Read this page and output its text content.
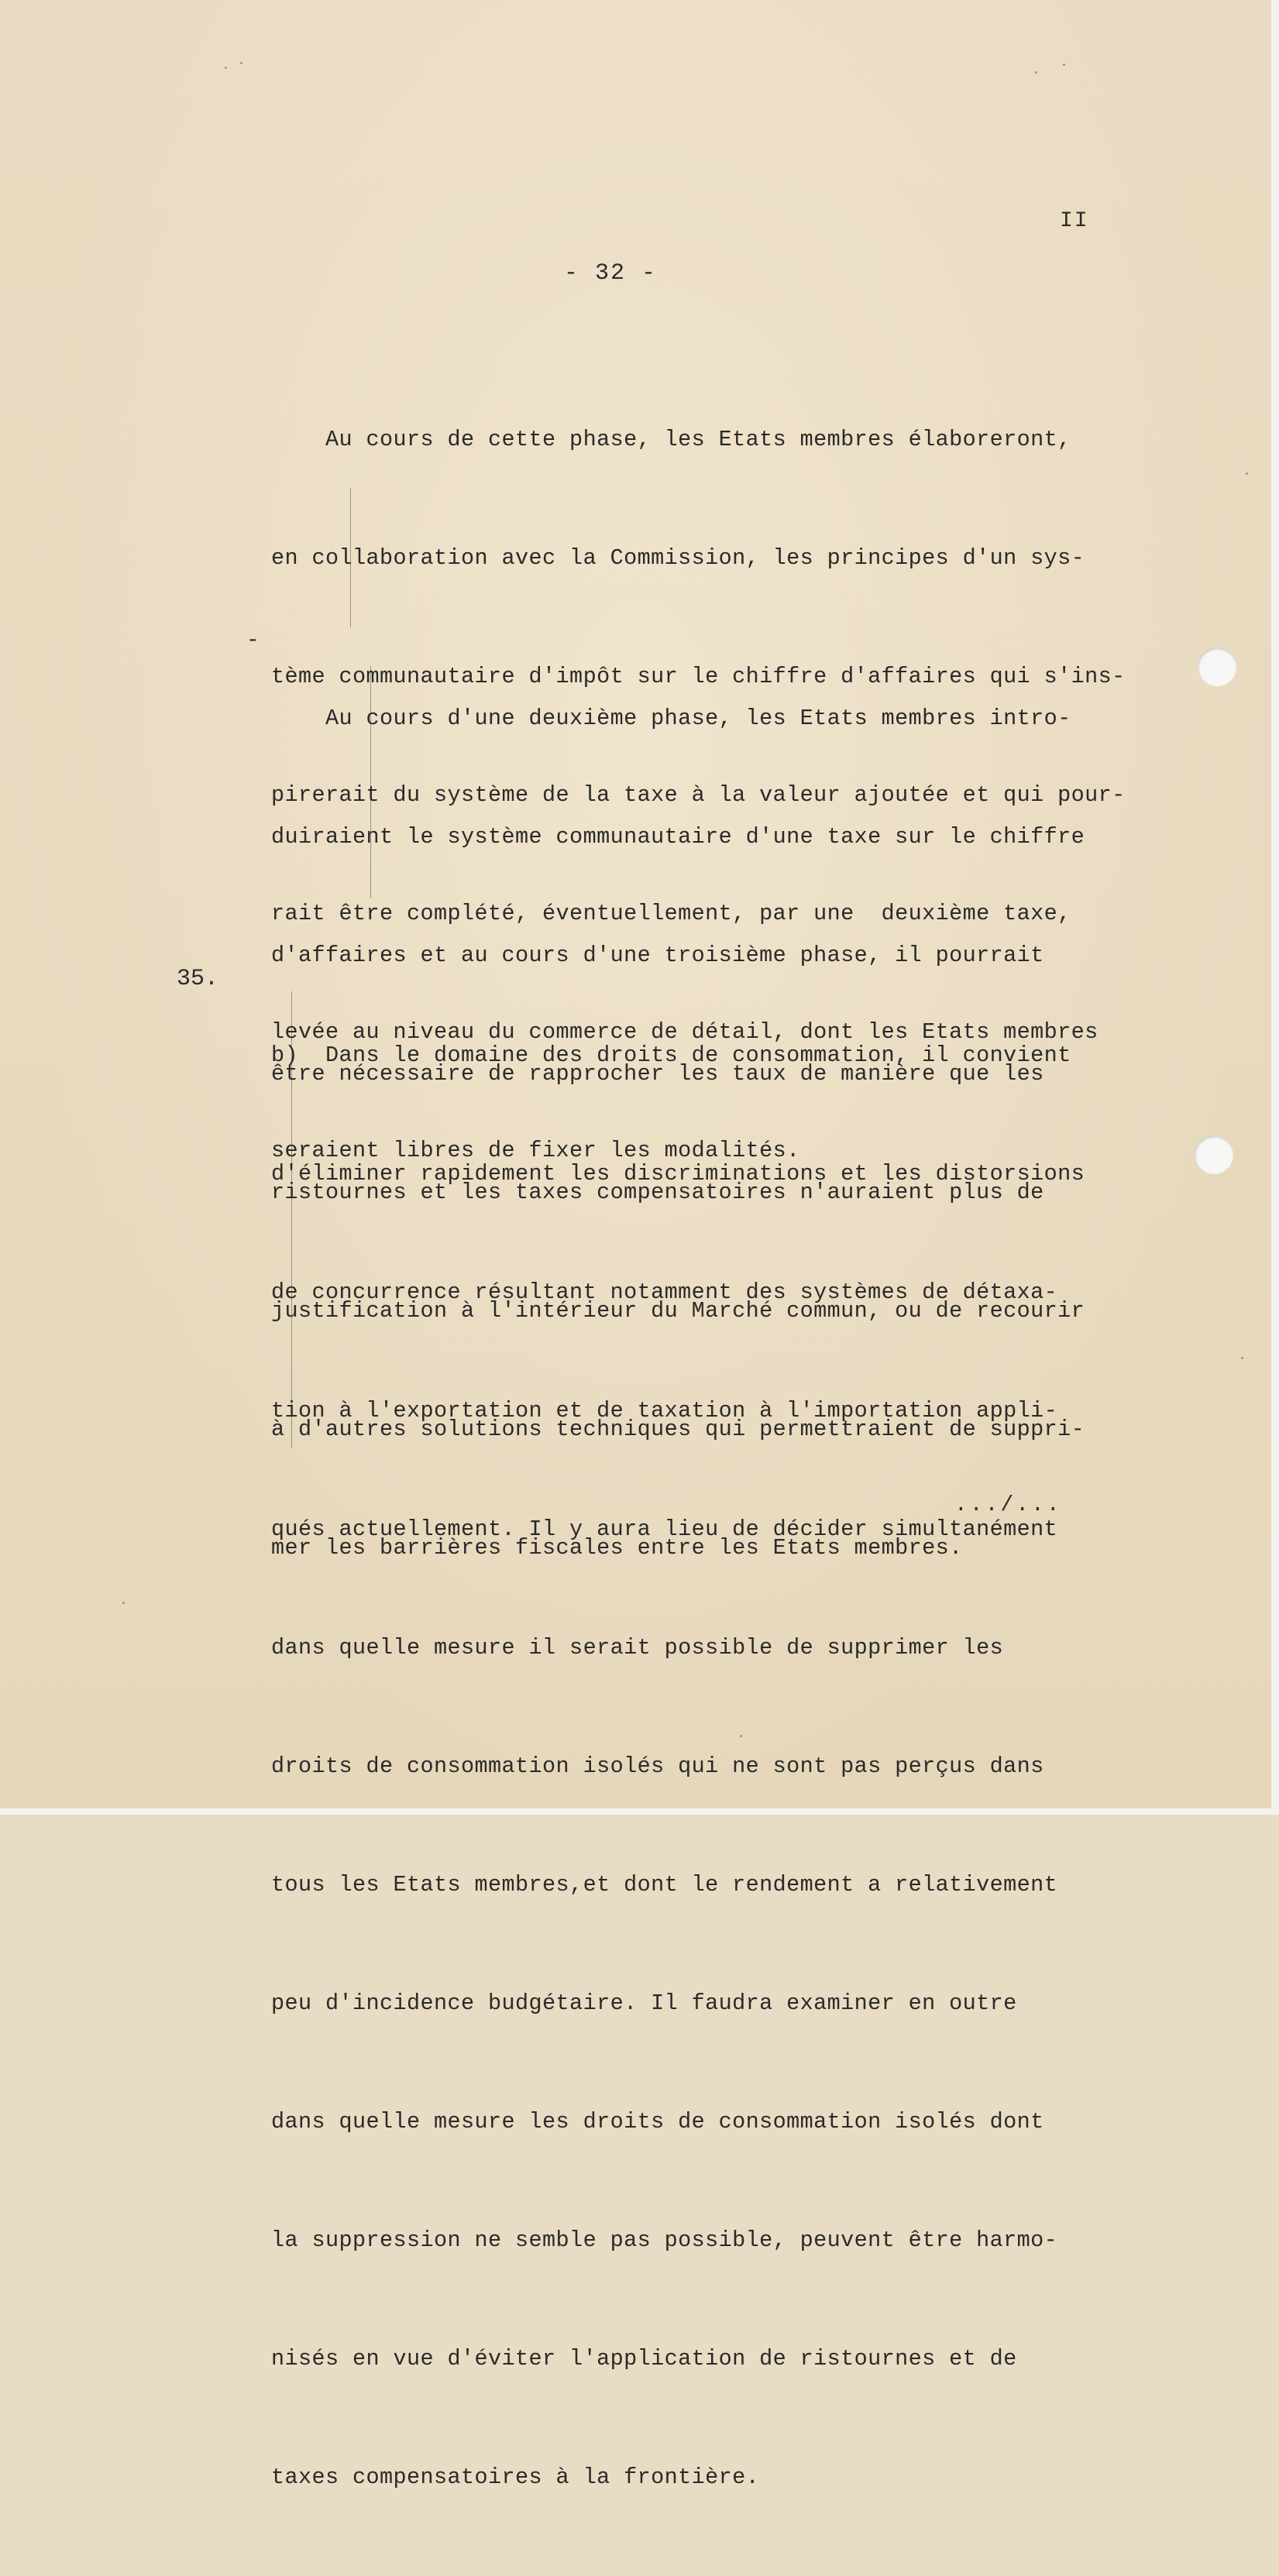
II
- 32 -

Au cours de cette phase, les Etats membres élaboreront,

en collaboration avec la Commission, les principes d'un sys-

tème communautaire d'impôt sur le chiffre d'affaires qui s'ins-

pirerait du système de la taxe à la valeur ajoutée et qui pour-

rait être complété, éventuellement, par une  deuxième taxe,

levée au niveau du commerce de détail, dont les Etats membres

seraient libres de fixer les modalités.

-

Au cours d'une deuxième phase, les Etats membres intro-

duiraient le système communautaire d'une taxe sur le chiffre

d'affaires et au cours d'une troisième phase, il pourrait

être nécessaire de rapprocher les taux de manière que les

ristournes et les taxes compensatoires n'auraient plus de

justification à l'intérieur du Marché commun, ou de recourir

à d'autres solutions techniques qui permettraient de suppri-

mer les barrières fiscales entre les Etats membres.

35.

b)  Dans le domaine des droits de consommation, il convient

d'éliminer rapidement les discriminations et les distorsions

de concurrence résultant notamment des systèmes de détaxa-

tion à l'exportation et de taxation à l'importation appli-

qués actuellement. Il y aura lieu de décider simultanément

dans quelle mesure il serait possible de supprimer les

droits de consommation isolés qui ne sont pas perçus dans

tous les Etats membres,et dont le rendement a relativement

peu d'incidence budgétaire. Il faudra examiner en outre

dans quelle mesure les droits de consommation isolés dont

la suppression ne semble pas possible, peuvent être harmo-

nisés en vue d'éviter l'application de ristournes et de

taxes compensatoires à la frontière.

.../...
